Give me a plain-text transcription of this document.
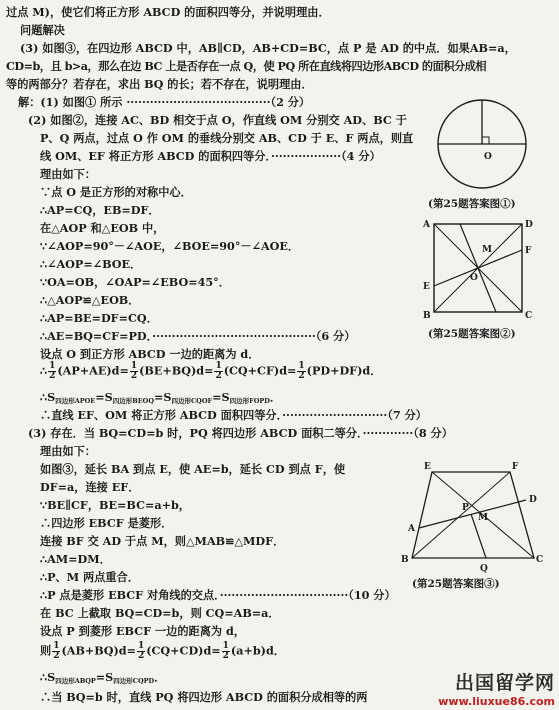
过点 M)，使它们将正方形 ABCD 的面积四等分，并说明理由．
问题解决
(3) 如图③，在四边形 ABCD 中，AB∥CD，AB+CD=BC，点 P 是 AD 的中点．如果AB=a，
CD=b，且 b>a，那么在边 BC 上是否存在一点 Q，使 PQ 所在直线将四边形ABCD 的面积分成相
等的两部分？若存在，求出 BQ 的长；若不存在，说明理由．
解：(1) 如图① 所示 ·····································（2 分）
(2) 如图②，连接 AC、BD 相交于点 O，作直线 OM 分别交 AD、BC 于
P、Q 两点，过点 O 作 OM 的垂线分别交 AB、CD 于 E、F 两点，则直
线 OM、EF 将正方形 ABCD 的面积四等分．··················（4 分）
理由如下：
∵点 O 是正方形的对称中心．
∴AP=CQ，EB=DF．
在△AOP 和△EOB 中，
∵∠AOP=90°－∠AOE，∠BOE=90°－∠AOE．
∴∠AOP=∠BOE．
∵OA=OB，∠OAP=∠EBO=45°．
∴△AOP≌△EOB．
∴AP=BE=DF=CQ．
∴AE=BQ=CF=PD．··········································（6 分）
设点 O 到正方形 ABCD 一边的距离为 d．
∴ $\frac{1}{2} (AP+AE)d= \frac{1}{2} (BE+BQ)d= \frac{1}{2} (CQ+CF)d= \frac{1}{2} (PD+DF)d$．
$\therefore S_{四边形APOE}=S_{四边形BEOQ}=S_{四边形CQOF}=S_{四边形FOPD}$．
∴直线 EF、OM 将正方形 ABCD 面积四等分．···························（7 分）
(3) 存在．当 BQ=CD=b 时，PQ 将四边形 ABCD 面积二等分．·············（8 分）
理由如下：
如图③，延长 BA 到点 E，使 AE=b，延长 CD 到点 F，使
DF=a，连接 EF．
∵BE∥CF，BE=BC=a+b，
∴四边形 EBCF 是菱形．
连接 BF 交 AD 于点 M，则△MAB≌△MDF．
∴AM=DM．
∴P、M 两点重合．
∴P 点是菱形 EBCF 对角线的交点．·································（10 分）
在 BC 上截取 BQ=CD=b，则 CQ=AB=a．
设点 P 到菱形 EBCF 一边的距离为 d，
则 $\frac{1}{2} (AB+BQ)d= \frac{1}{2} (CQ+CD)d= \frac{1}{2} (a+b)d$．
$\therefore S_{四边形ABQP}=S_{四边形CQPD}$．
∴当 BQ=b 时，直线 PQ 将四边形 ABCD 的面积分成相等的两
O
(第25题答案图①)
A	D
B	C
E
F
M
O
(第25题答案图②)
E	F
A
B	C
D
P
M
Q
(第25题答案图③)
出国留学网
www.liuxue86.com
